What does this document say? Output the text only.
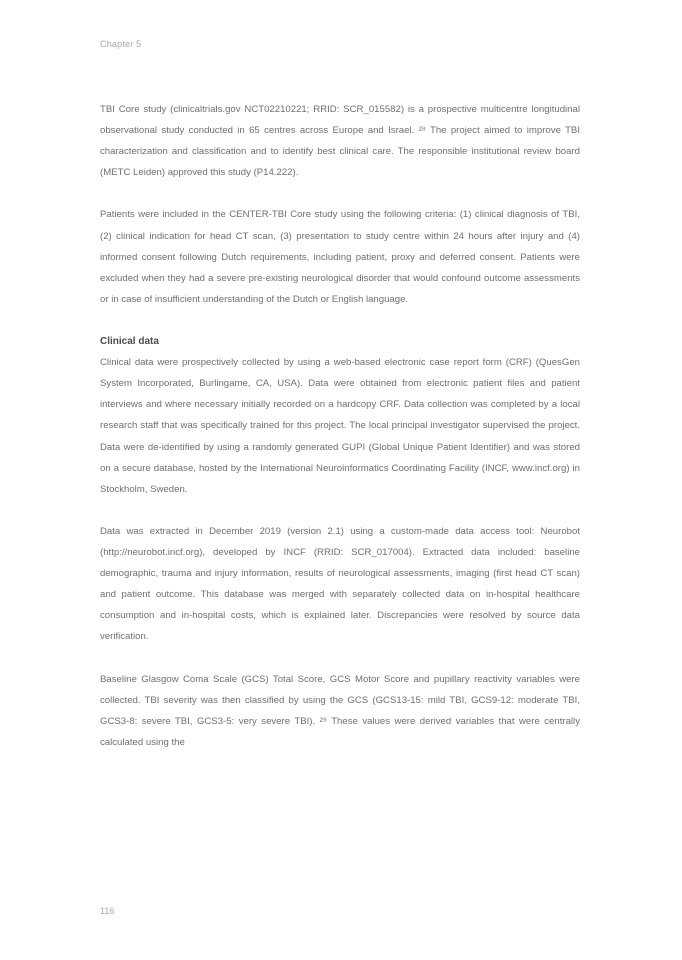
Chapter 5

TBI Core study (clinicaltrials.gov NCT02210221; RRID: SCR_015582) is a prospective multicentre longitudinal observational study conducted in 65 centres across Europe and Israel. ²⁸ The project aimed to improve TBI characterization and classification and to identify best clinical care. The responsible institutional review board (METC Leiden) approved this study (P14.222).

Patients were included in the CENTER-TBI Core study using the following criteria: (1) clinical diagnosis of TBI, (2) clinical indication for head CT scan, (3) presentation to study centre within 24 hours after injury and (4) informed consent following Dutch requirements, including patient, proxy and deferred consent. Patients were excluded when they had a severe pre-existing neurological disorder that would confound outcome assessments or in case of insufficient understanding of the Dutch or English language.

Clinical data

Clinical data were prospectively collected by using a web-based electronic case report form (CRF) (QuesGen System Incorporated, Burlingame, CA, USA). Data were obtained from electronic patient files and patient interviews and where necessary initially recorded on a hardcopy CRF. Data collection was completed by a local research staff that was specifically trained for this project. The local principal investigator supervised the project. Data were de-identified by using a randomly generated GUPI (Global Unique Patient Identifier) and was stored on a secure database, hosted by the International Neuroinformatics Coordinating Facility (INCF, www.incf.org) in Stockholm, Sweden.

Data was extracted in December 2019 (version 2.1) using a custom-made data access tool: Neurobot (http://neurobot.incf.org), developed by INCF (RRID: SCR_017004). Extracted data included: baseline demographic, trauma and injury information, results of neurological assessments, imaging (first head CT scan) and patient outcome. This database was merged with separately collected data on in-hospital healthcare consumption and in-hospital costs, which is explained later. Discrepancies were resolved by source data verification.

Baseline Glasgow Coma Scale (GCS) Total Score, GCS Motor Score and pupillary reactivity variables were collected. TBI severity was then classified by using the GCS (GCS13-15: mild TBI, GCS9-12: moderate TBI, GCS3-8: severe TBI, GCS3-5: very severe TBI). ²⁹ These values were derived variables that were centrally calculated using the

116
